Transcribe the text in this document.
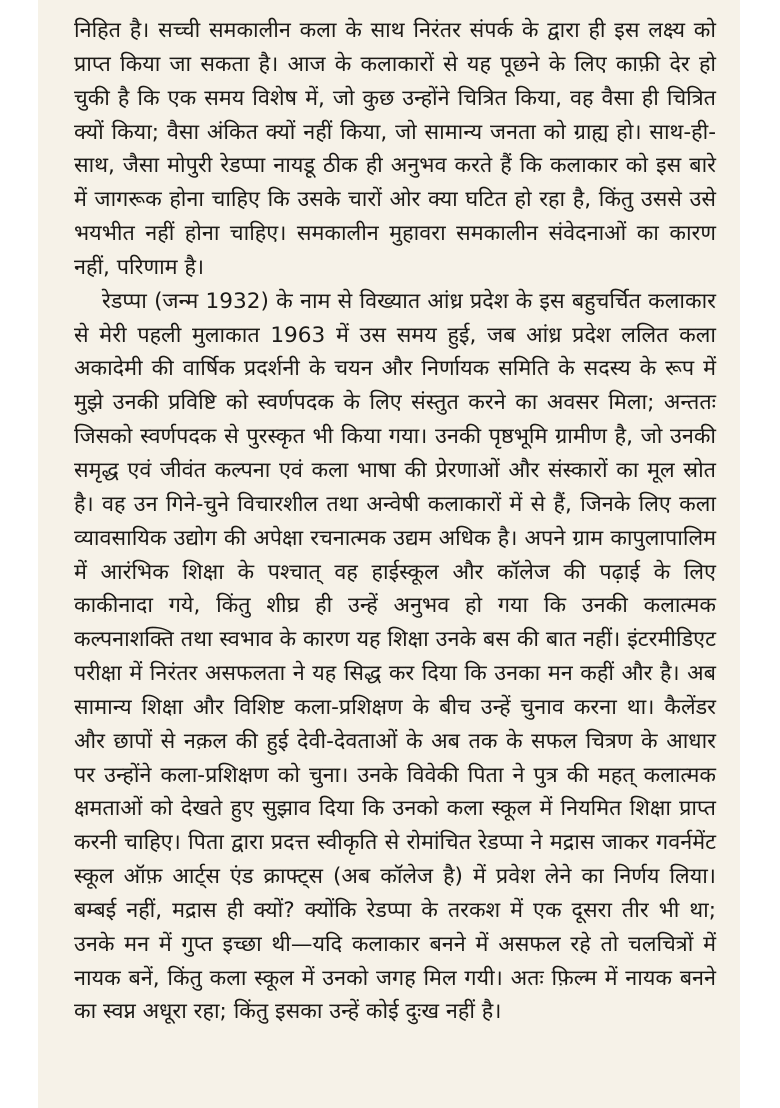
निहित है। सच्ची समकालीन कला के साथ निरंतर संपर्क के द्वारा ही इस लक्ष्य को प्राप्त किया जा सकता है। आज के कलाकारों से यह पूछने के लिए काफ़ी देर हो चुकी है कि एक समय विशेष में, जो कुछ उन्होंने चित्रित किया, वह वैसा ही चित्रित क्यों किया; वैसा अंकित क्यों नहीं किया, जो सामान्य जनता को ग्राह्य हो। साथ-ही-साथ, जैसा मोपुरी रेडप्पा नायडू ठीक ही अनुभव करते हैं कि कलाकार को इस बारे में जागरूक होना चाहिए कि उसके चारों ओर क्या घटित हो रहा है, किंतु उससे उसे भयभीत नहीं होना चाहिए। समकालीन मुहावरा समकालीन संवेदनाओं का कारण नहीं, परिणाम है।

रेडप्पा (जन्म 1932) के नाम से विख्यात आंध्र प्रदेश के इस बहुचर्चित कलाकार से मेरी पहली मुलाकात 1963 में उस समय हुई, जब आंध्र प्रदेश ललित कला अकादेमी की वार्षिक प्रदर्शनी के चयन और निर्णायक समिति के सदस्य के रूप में मुझे उनकी प्रविष्टि को स्वर्णपदक के लिए संस्तुत करने का अवसर मिला; अन्ततः जिसको स्वर्णपदक से पुरस्कृत भी किया गया। उनकी पृष्ठभूमि ग्रामीण है, जो उनकी समृद्ध एवं जीवंत कल्पना एवं कला भाषा की प्रेरणाओं और संस्कारों का मूल स्रोत है। वह उन गिने-चुने विचारशील तथा अन्वेषी कलाकारों में से हैं, जिनके लिए कला व्यावसायिक उद्योग की अपेक्षा रचनात्मक उद्यम अधिक है। अपने ग्राम कापुलापालिम में आरंभिक शिक्षा के पश्चात् वह हाईस्कूल और कॉलेज की पढ़ाई के लिए काकीनादा गये, किंतु शीघ्र ही उन्हें अनुभव हो गया कि उनकी कलात्मक कल्पनाशक्ति तथा स्वभाव के कारण यह शिक्षा उनके बस की बात नहीं। इंटरमीडिएट परीक्षा में निरंतर असफलता ने यह सिद्ध कर दिया कि उनका मन कहीं और है। अब सामान्य शिक्षा और विशिष्ट कला-प्रशिक्षण के बीच उन्हें चुनाव करना था। कैलेंडर और छापों से नक़ल की हुई देवी-देवताओं के अब तक के सफल चित्रण के आधार पर उन्होंने कला-प्रशिक्षण को चुना। उनके विवेकी पिता ने पुत्र की महत् कलात्मक क्षमताओं को देखते हुए सुझाव दिया कि उनको कला स्कूल में नियमित शिक्षा प्राप्त करनी चाहिए। पिता द्वारा प्रदत्त स्वीकृति से रोमांचित रेडप्पा ने मद्रास जाकर गवर्नमेंट स्कूल ऑफ़ आर्ट्स एंड क्राफ्ट्स (अब कॉलेज है) में प्रवेश लेने का निर्णय लिया। बम्बई नहीं, मद्रास ही क्यों? क्योंकि रेडप्पा के तरकश में एक दूसरा तीर भी था; उनके मन में गुप्त इच्छा थी—यदि कलाकार बनने में असफल रहे तो चलचित्रों में नायक बनें, किंतु कला स्कूल में उनको जगह मिल गयी। अतः फ़िल्म में नायक बनने का स्वप्न अधूरा रहा; किंतु इसका उन्हें कोई दुःख नहीं है।
